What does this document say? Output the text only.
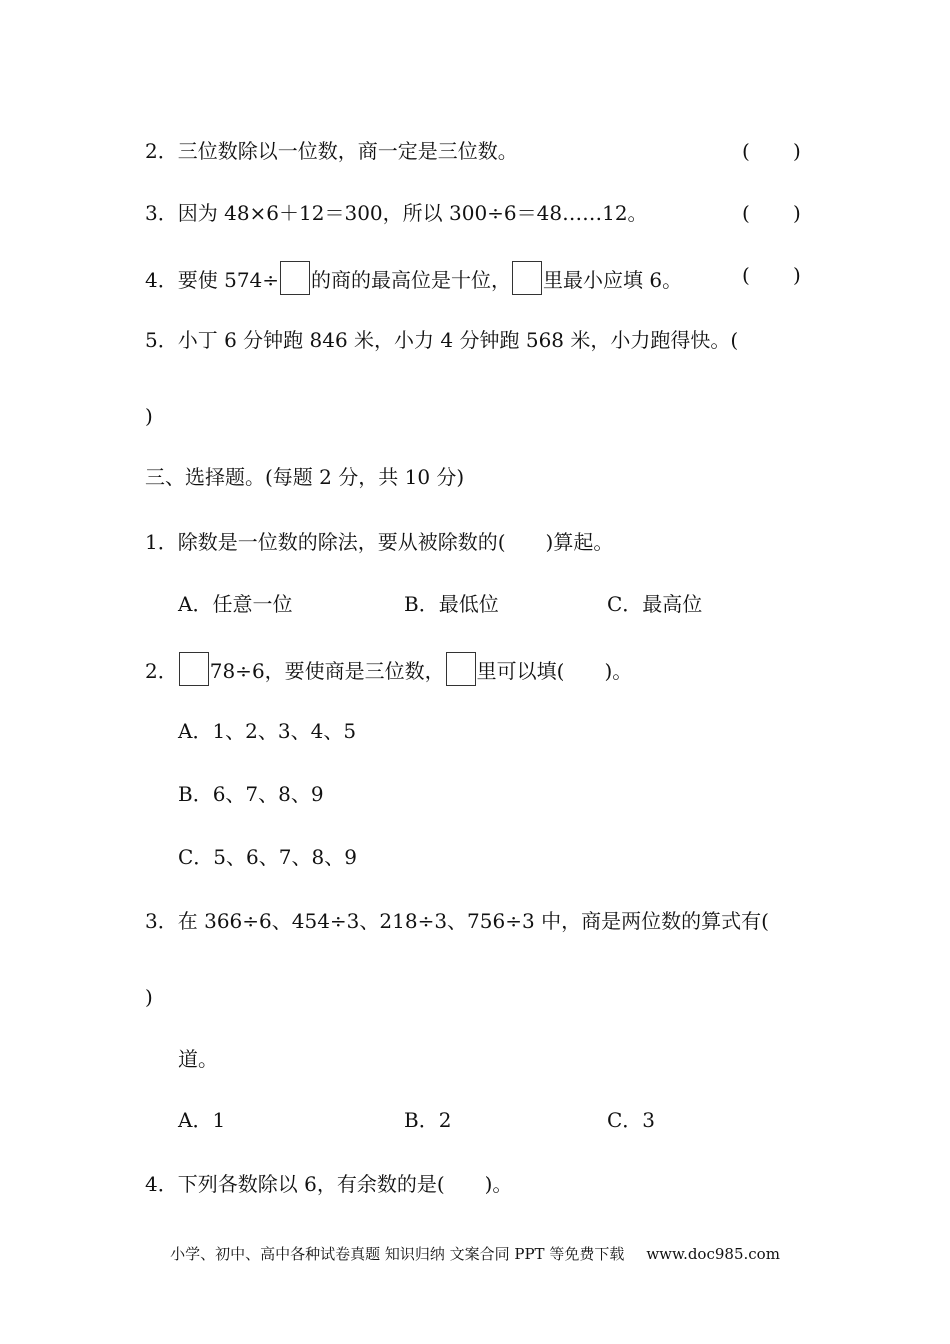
2．三位数除以一位数，商一定是三位数。	( )
3．因为 48×6＋12＝300，所以 300÷6＝48……12。	( )
4．要使 574÷ 的商的最高位是十位， 里最小应填 6。	( )
5．小丁 6 分钟跑 846 米，小力 4 分钟跑 568 米，小力跑得快。(
)
三、选择题。(每题 2 分，共 10 分)
1．除数是一位数的除法，要从被除数的(　　)算起。
A．任意一位	B．最低位	C．最高位
2． 78÷6，要使商是三位数， 里可以填(　　)。
A．1、2、3、4、5
B．6、7、8、9
C．5、6、7、8、9
3．在 366÷6、454÷3、218÷3、756÷3 中，商是两位数的算式有(
)
道。
A．1	B．2	C．3
4．下列各数除以 6，有余数的是(　　)。
小学、初中、高中各种试卷真题 知识归纳 文案合同 PPT 等免费下载 www.doc985.com
